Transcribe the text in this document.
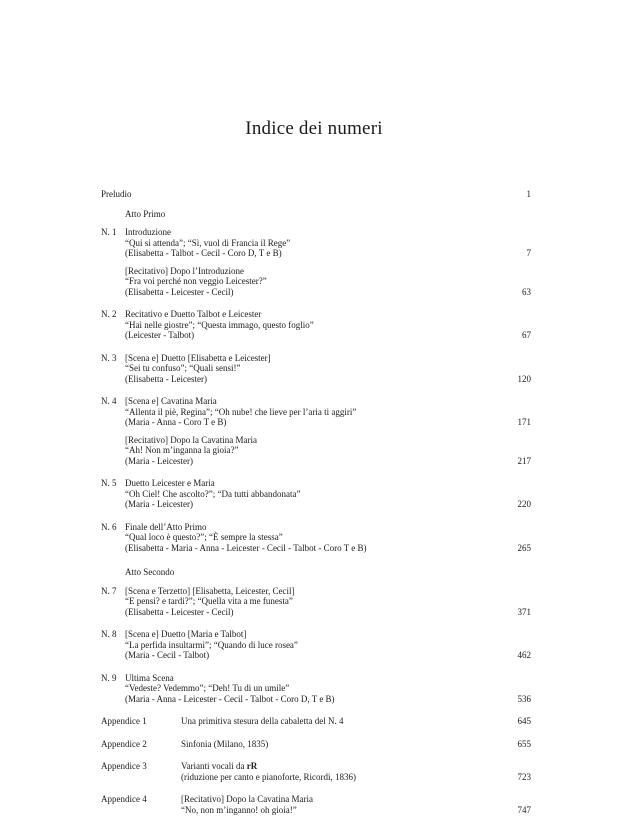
Indice dei numeri
Preludio	1
Atto Primo
N. 1 Introduzione
“Qui si attenda”; “Sì, vuol di Francia il Rege”
(Elisabetta - Talbot - Cecil - Coro D, T e B)	7
[Recitativo] Dopo l’Introduzione
“Fra voi perché non veggio Leicester?”
(Elisabetta - Leicester - Cecil)	63
N. 2 Recitativo e Duetto Talbot e Leicester
“Hai nelle giostre”; “Questa immago, questo foglio”
(Leicester - Talbot)	67
N. 3 [Scena e] Duetto [Elisabetta e Leicester]
“Sei tu confuso”; “Quali sensi!”
(Elisabetta - Leicester)	120
N. 4 [Scena e] Cavatina Maria
“Allenta il piè, Regina”; “Oh nube! che lieve per l’aria ti aggiri”
(Maria - Anna - Coro T e B)	171
[Recitativo] Dopo la Cavatina Maria
“Ah! Non m’inganna la gioia?”
(Maria - Leicester)	217
N. 5 Duetto Leicester e Maria
“Oh Ciel! Che ascolto?”; “Da tutti abbandonata”
(Maria - Leicester)	220
N. 6 Finale dell’Atto Primo
“Qual loco è questo?”; “È sempre la stessa”
(Elisabetta - Maria - Anna - Leicester - Cecil - Talbot - Coro T e B)	265
Atto Secondo
N. 7 [Scena e Terzetto] [Elisabetta, Leicester, Cecil]
“E pensi? e tardi?”; “Quella vita a me funesta”
(Elisabetta - Leicester - Cecil)	371
N. 8 [Scena e] Duetto [Maria e Talbot]
“La perfida insultarmi”; “Quando di luce rosea”
(Maria - Cecil - Talbot)	462
N. 9 Ultima Scena
“Vedeste? Vedemmo”; “Deh! Tu di un umile”
(Maria - Anna - Leicester - Cecil - Talbot - Coro D, T e B)	536
Appendice 1	Una primitiva stesura della cabaletta del N. 4	645
Appendice 2	Sinfonia (Milano, 1835)	655
Appendice 3	Varianti vocali da rR
(riduzione per canto e pianoforte, Ricordi, 1836)	723
Appendice 4	[Recitativo] Dopo la Cavatina Maria
“No, non m’inganno! oh gioia!”	747
